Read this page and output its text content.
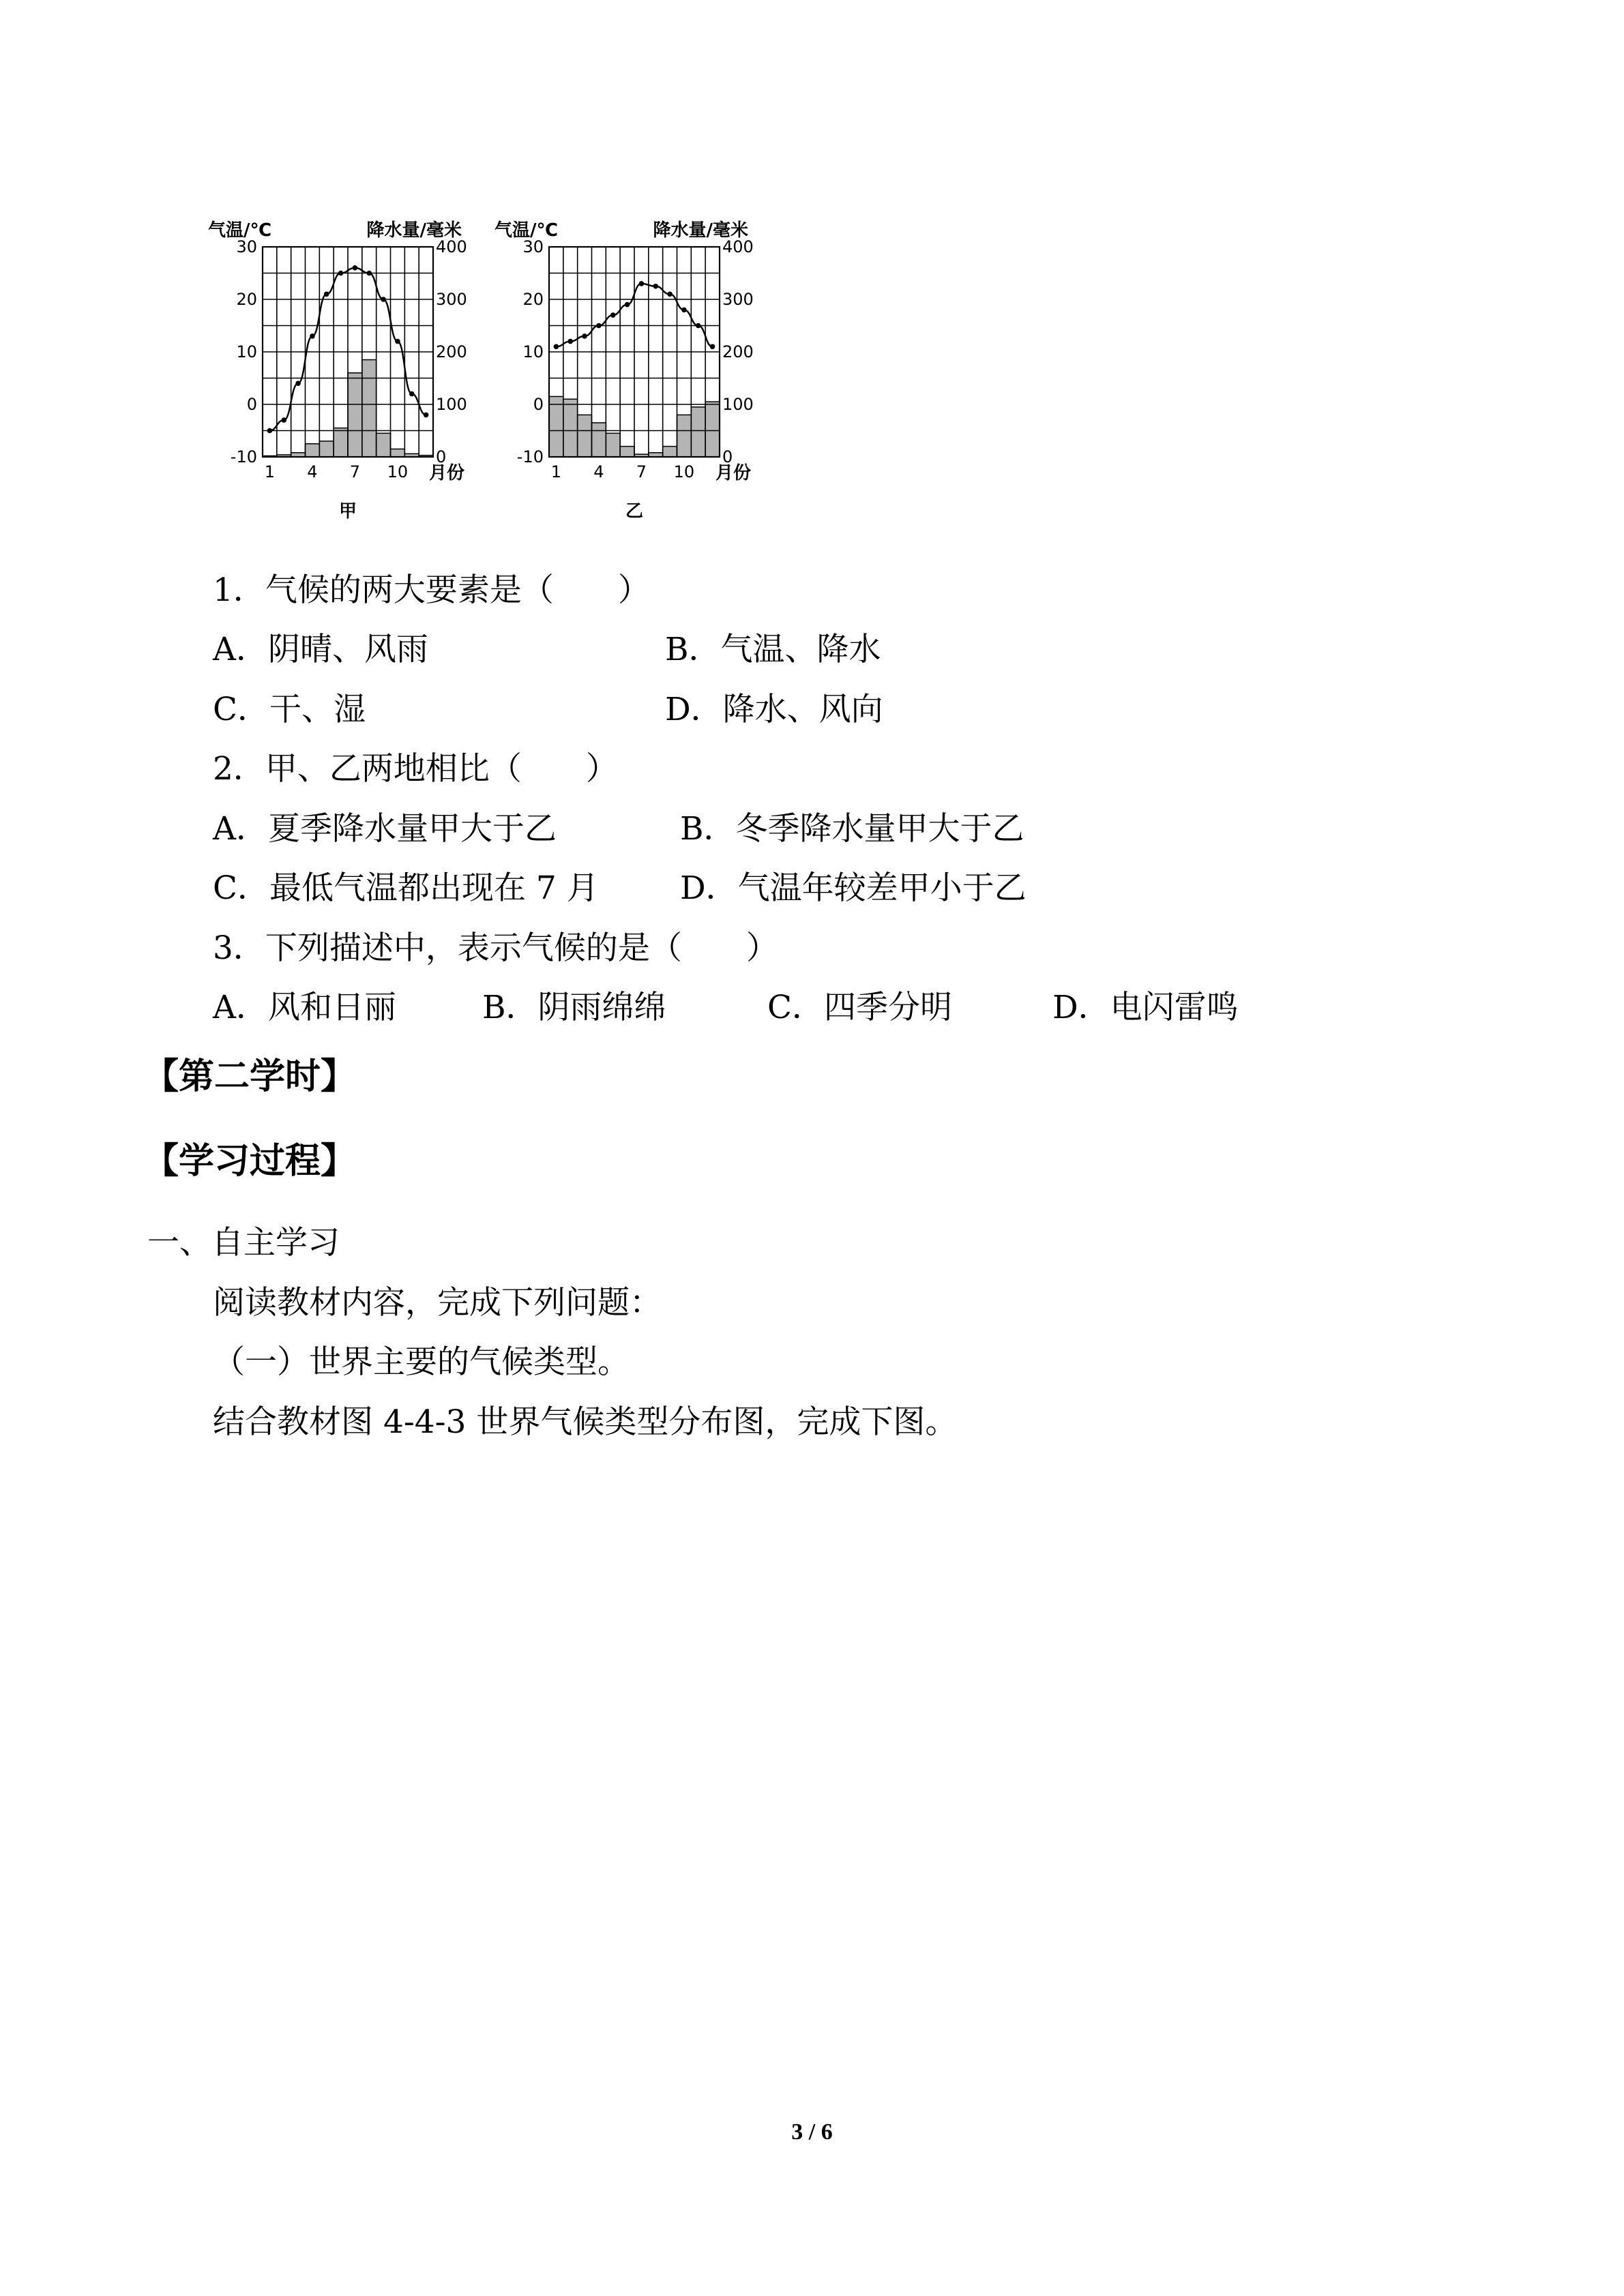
气温/℃	降水量/毫米
30
20
10
0
-10
400
300
200
100
0
1 4 7 10 月份
甲
气温/℃	降水量/毫米
30
20
10
0
-10
400
300
200
100
0
1 4 7 10 月份
乙
1．气候的两大要素是（　　）
A．阴晴、风雨	B．气温、降水
C．干、湿	D．降水、风向
2．甲、乙两地相比（　　）
A．夏季降水量甲大于乙	B．冬季降水量甲大于乙
C．最低气温都出现在 7 月	D．气温年较差甲小于乙
3．下列描述中，表示气候的是（　　）
A．风和日丽	B．阴雨绵绵	C．四季分明	D．电闪雷鸣
【第二学时】
【学习过程】
一、自主学习
阅读教材内容，完成下列问题：
（一）世界主要的气候类型。
结合教材图 4-4-3 世界气候类型分布图，完成下图。
3 / 6
